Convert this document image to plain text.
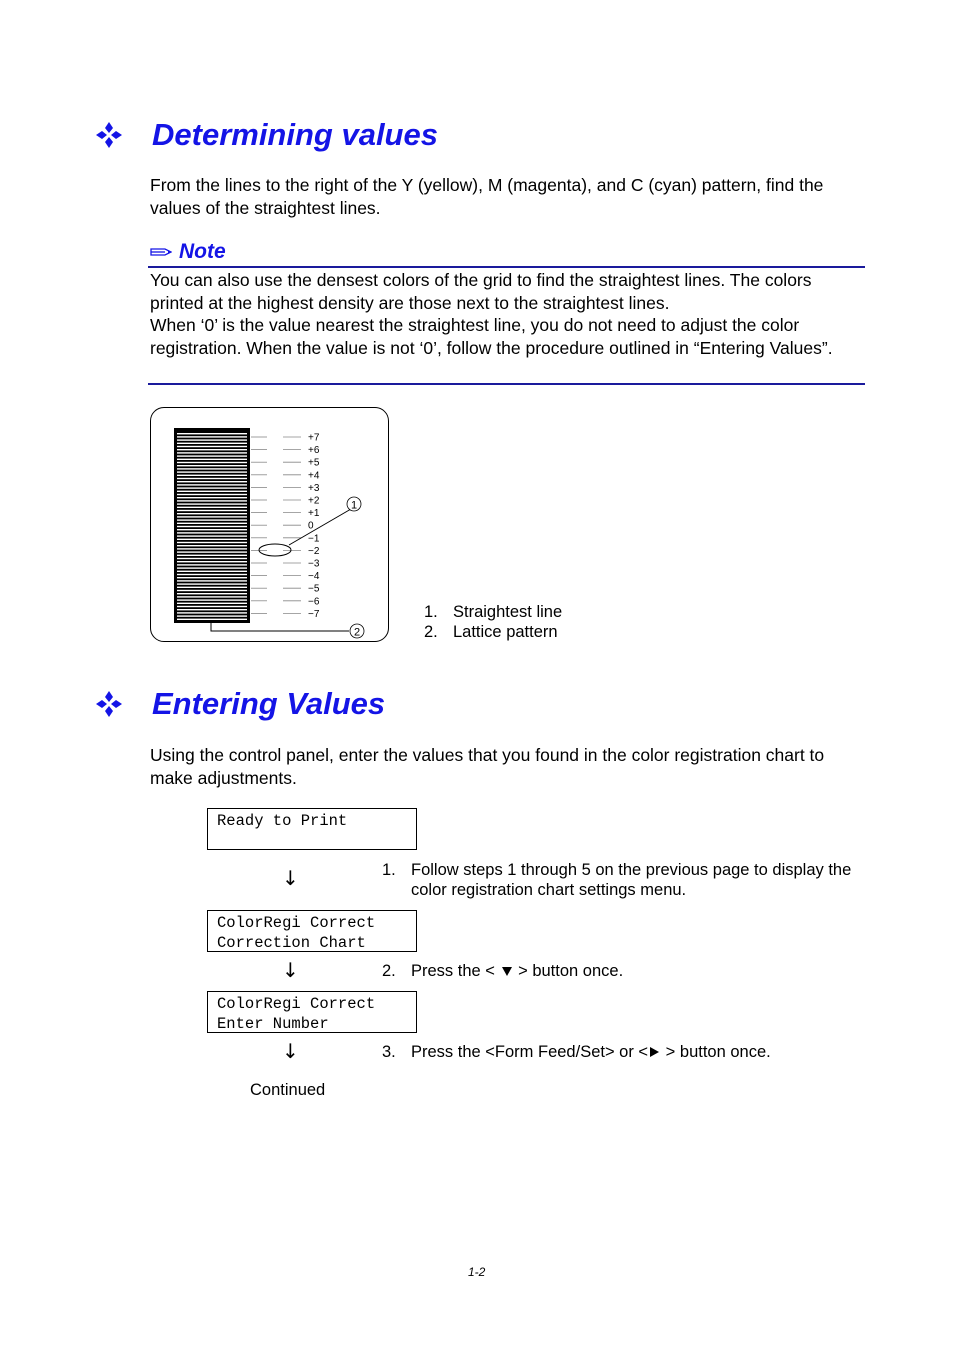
Determining values
From the lines to the right of the Y (yellow), M (magenta), and C (cyan) pattern, find the values of the straightest lines.
Note
You can also use the densest colors of the grid to find the straightest lines. The colors printed at the highest density are those next to the straightest lines.
When ‘0’ is the value nearest the straightest line, you do not need to adjust the color registration. When the value is not ‘0’, follow the procedure outlined in “Entering Values”.
+7
+6
+5
+4
+3
+2
+1
0
−1
−2
−3
−4
−5
−6
−7
1
2
1. Straightest line
2. Lattice pattern
Entering Values
Using the control panel, enter the values that you found in the color registration chart to make adjustments.
Ready to Print
↓	1. Follow steps 1 through 5 on the previous page to display the color registration chart settings menu.
ColorRegi Correct
Correction Chart
↓	2. Press the < > button once.
ColorRegi Correct
Enter Number
↓	3. Press the <Form Feed/Set> or < > button once.
Continued
1-2
